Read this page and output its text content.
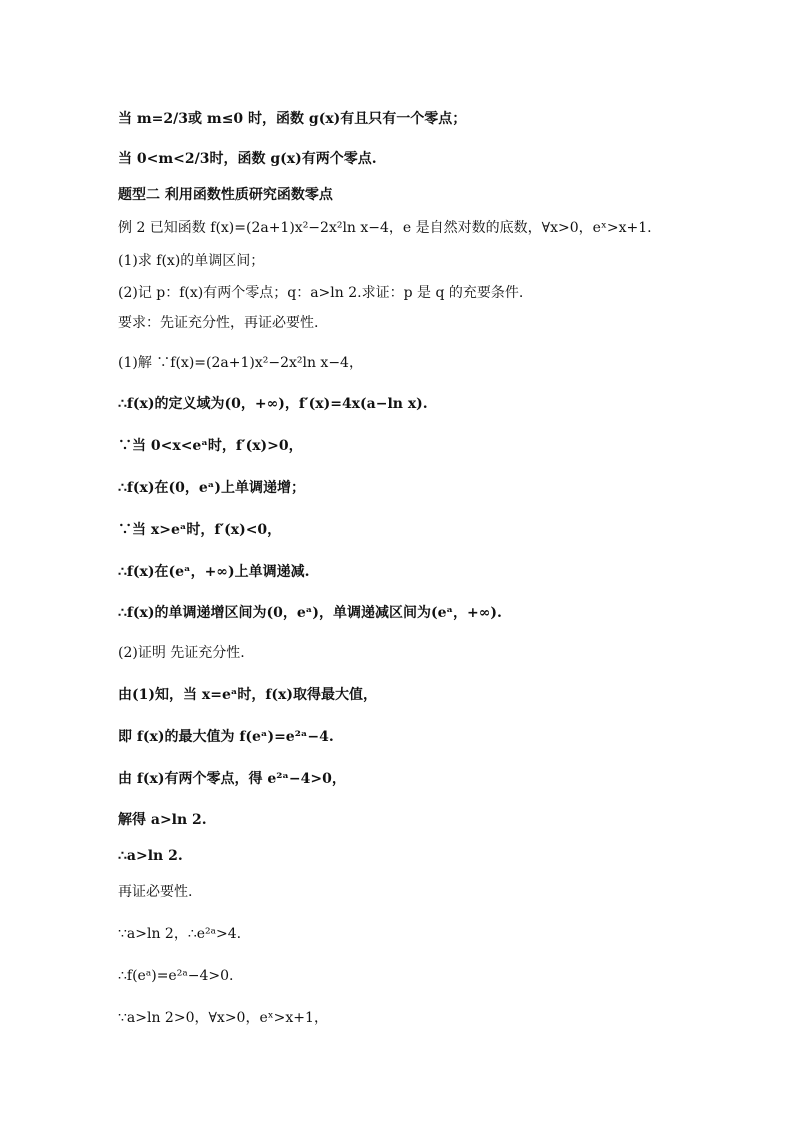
当 m=2/3或 m≤0 时，函数 g(x)有且只有一个零点；
当 0<m<2/3时，函数 g(x)有两个零点.
题型二 利用函数性质研究函数零点
例 2 已知函数 f(x)=(2a+1)x²−2x²ln x−4，e 是自然对数的底数，∀x>0，eˣ>x+1.
(1)求 f(x)的单调区间；
(2)记 p：f(x)有两个零点；q：a>ln 2.求证：p 是 q 的充要条件.
要求：先证充分性，再证必要性.
(1)解 ∵f(x)=(2a+1)x²−2x²ln x−4，
∴f(x)的定义域为(0，+∞)，f′(x)=4x(a−ln x).
∵当 0<x<eᵃ时，f′(x)>0，
∴f(x)在(0，eᵃ)上单调递增；
∵当 x>eᵃ时，f′(x)<0，
∴f(x)在(eᵃ，+∞)上单调递减.
∴f(x)的单调递增区间为(0，eᵃ)，单调递减区间为(eᵃ，+∞).
(2)证明 先证充分性.
由(1)知，当 x=eᵃ时，f(x)取得最大值，
即 f(x)的最大值为 f(eᵃ)=e²ᵃ−4.
由 f(x)有两个零点，得 e²ᵃ−4>0，
解得 a>ln 2.
∴a>ln 2.
再证必要性.
∵a>ln 2，∴e²ᵃ>4.
∴f(eᵃ)=e²ᵃ−4>0.
∵a>ln 2>0，∀x>0，eˣ>x+1，
